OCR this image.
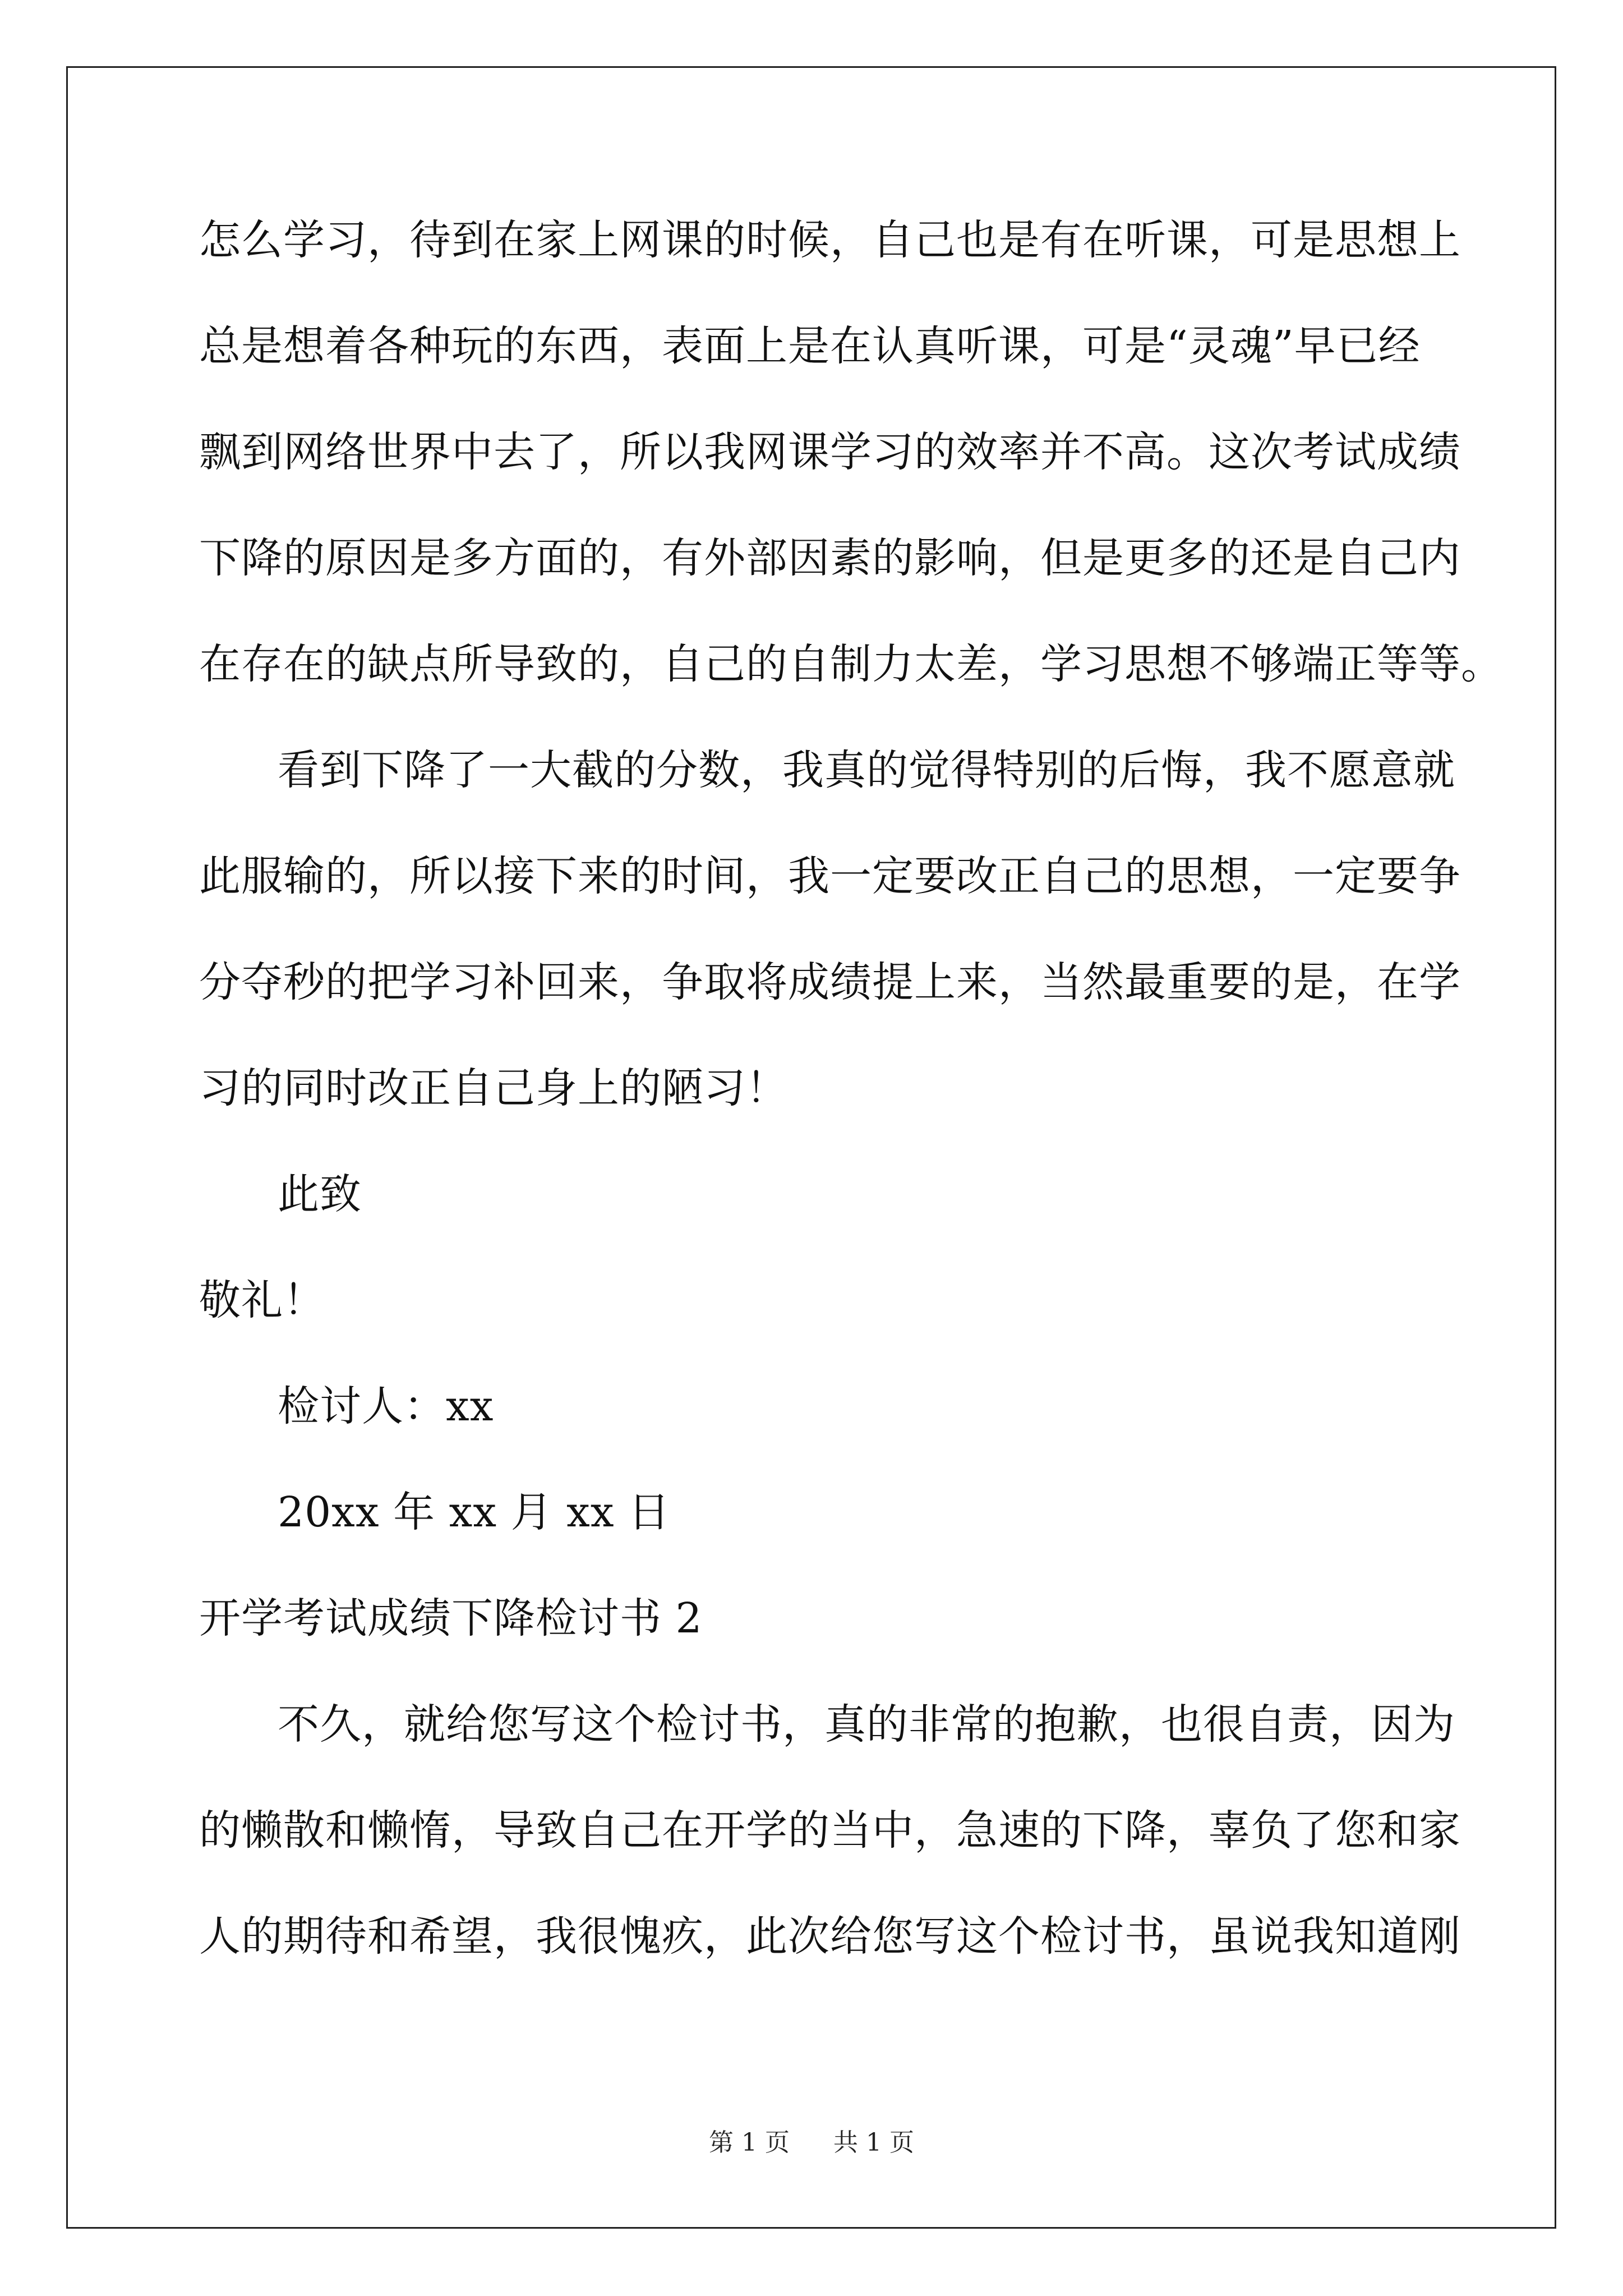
怎么学习，待到在家上网课的时候，自己也是有在听课，可是思想上
总是想着各种玩的东西，表面上是在认真听课，可是“灵魂”早已经
飘到网络世界中去了，所以我网课学习的效率并不高。这次考试成绩
下降的原因是多方面的，有外部因素的影响，但是更多的还是自己内
在存在的缺点所导致的，自己的自制力太差，学习思想不够端正等等。
看到下降了一大截的分数，我真的觉得特别的后悔，我不愿意就
此服输的，所以接下来的时间，我一定要改正自己的思想，一定要争
分夺秒的把学习补回来，争取将成绩提上来，当然最重要的是，在学
习的同时改正自己身上的陋习！
此致
敬礼！
检讨人：xx
20xx 年 xx 月 xx 日
开学考试成绩下降检讨书 2
不久，就给您写这个检讨书，真的非常的抱歉，也很自责，因为
的懒散和懒惰，导致自己在开学的当中，急速的下降，辜负了您和家
人的期待和希望，我很愧疚，此次给您写这个检讨书，虽说我知道刚
第 1 页 共 1 页
